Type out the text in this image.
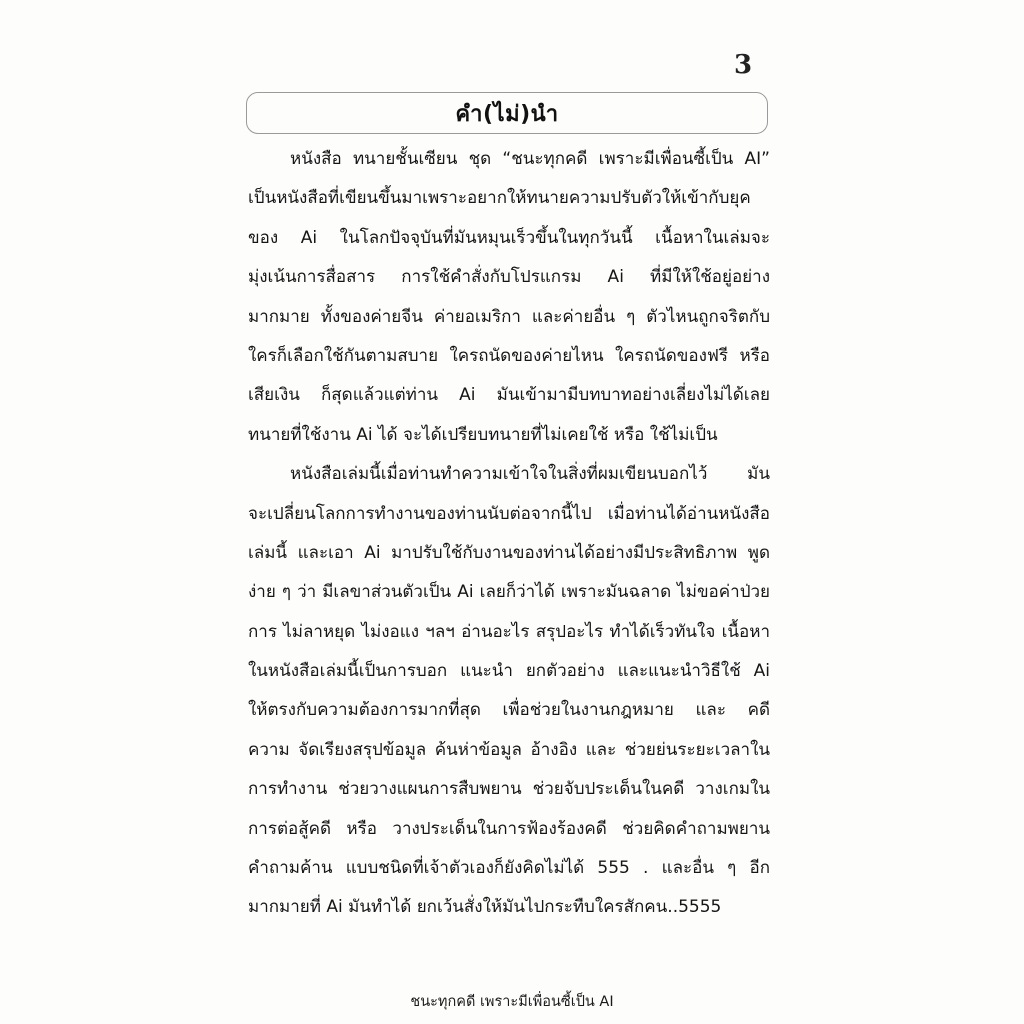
3
คำ(ไม่)นำ
หนังสือ ทนายชั้นเซียน ชุด “ชนะทุกคดี เพราะมีเพื่อนซี้เป็น AI”
เป็นหนังสือที่เขียนขึ้นมาเพราะอยากให้ทนายความปรับตัวให้เข้ากับยุค
ของ Ai ในโลกปัจจุบันที่มันหมุนเร็วขึ้นในทุกวันนี้ เนื้อหาในเล่มจะ
มุ่งเน้นการสื่อสาร การใช้คำสั่งกับโปรแกรม Ai ที่มีให้ใช้อยู่อย่าง
มากมาย ทั้งของค่ายจีน ค่ายอเมริกา และค่ายอื่น ๆ ตัวไหนถูกจริตกับ
ใครก็เลือกใช้กันตามสบาย ใครถนัดของค่ายไหน ใครถนัดของฟรี หรือ
เสียเงิน ก็สุดแล้วแต่ท่าน Ai มันเข้ามามีบทบาทอย่างเลี่ยงไม่ได้เลย
ทนายที่ใช้งาน Ai ได้ จะได้เปรียบทนายที่ไม่เคยใช้ หรือ ใช้ไม่เป็น
หนังสือเล่มนี้เมื่อท่านทำความเข้าใจในสิ่งที่ผมเขียนบอกไว้ มัน
จะเปลี่ยนโลกการทำงานของท่านนับต่อจากนี้ไป เมื่อท่านได้อ่านหนังสือ
เล่มนี้ และเอา Ai มาปรับใช้กับงานของท่านได้อย่างมีประสิทธิภาพ พูด
ง่าย ๆ ว่า มีเลขาส่วนตัวเป็น Ai เลยก็ว่าได้ เพราะมันฉลาด ไม่ขอค่าป่วย
การ ไม่ลาหยุด ไม่งอแง ฯลฯ อ่านอะไร สรุปอะไร ทำได้เร็วทันใจ เนื้อหา
ในหนังสือเล่มนี้เป็นการบอก แนะนำ ยกตัวอย่าง และแนะนำวิธีใช้ Ai
ให้ตรงกับความต้องการมากที่สุด เพื่อช่วยในงานกฎหมาย และ คดี
ความ จัดเรียงสรุปข้อมูล ค้นห่าข้อมูล อ้างอิง และ ช่วยย่นระยะเวลาใน
การทำงาน ช่วยวางแผนการสืบพยาน ช่วยจับประเด็นในคดี วางเกมใน
การต่อสู้คดี หรือ วางประเด็นในการฟ้องร้องคดี ช่วยคิดคำถามพยาน
คำถามค้าน แบบชนิดที่เจ้าตัวเองก็ยังคิดไม่ได้ 555 . และอื่น ๆ อีก
มากมายที่ Ai มันทำได้ ยกเว้นสั่งให้มันไปกระทืบใครสักคน..5555
ชนะทุกคดี เพราะมีเพื่อนซี้เป็น AI
